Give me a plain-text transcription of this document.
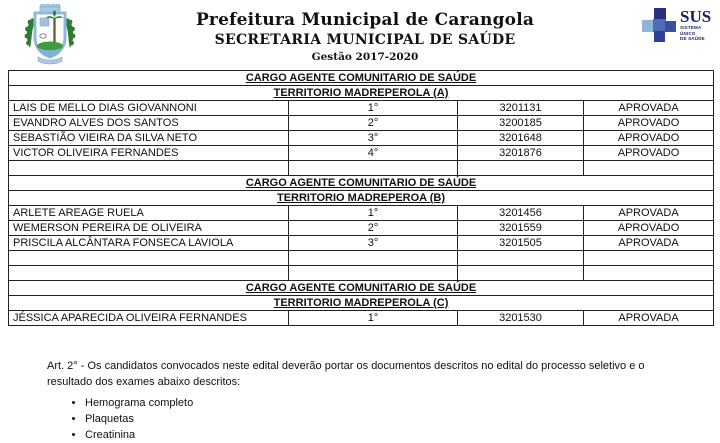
Prefeitura Municipal de Carangola
SECRETARIA MUNICIPAL DE SAÚDE
Gestão 2017-2020
SUS
SISTEMA
ÚNICO
DE SAÚDE
CARGO AGENTE COMUNITARIO DE SAÚDE			
TERRITORIO MADREPEROLA (A)			
LAIS DE MELLO DIAS GIOVANNONI	1°	3201131	APROVADA
EVANDRO ALVES DOS SANTOS	2°	3200185	APROVADO
SEBASTIÃO VIEIRA DA SILVA NETO	3°	3201648	APROVADO
VICTOR OLIVEIRA FERNANDES	4°	3201876	APROVADO

CARGO AGENTE COMUNITARIO DE SAÚDE			
TERRITORIO MADREPEROA (B)			
ARLETE AREAGE RUELA	1°	3201456	APROVADA
WEMERSON PEREIRA DE OLIVEIRA	2°	3201559	APROVADO
PRISCILA ALCÂNTARA FONSECA LAVIOLA	3°	3201505	APROVADA

CARGO AGENTE COMUNITARIO DE SAÚDE			
TERRITORIO MADREPEROLA (C)			
JÉSSICA APARECIDA OLIVEIRA FERNANDES	1°	3201530	APROVADA
Art. 2° - Os candidatos convocados neste edital deverão portar os documentos descritos no edital do processo seletivo e o resultado dos exames abaixo descritos:
• Hemograma completo
• Plaquetas
• Creatinina
